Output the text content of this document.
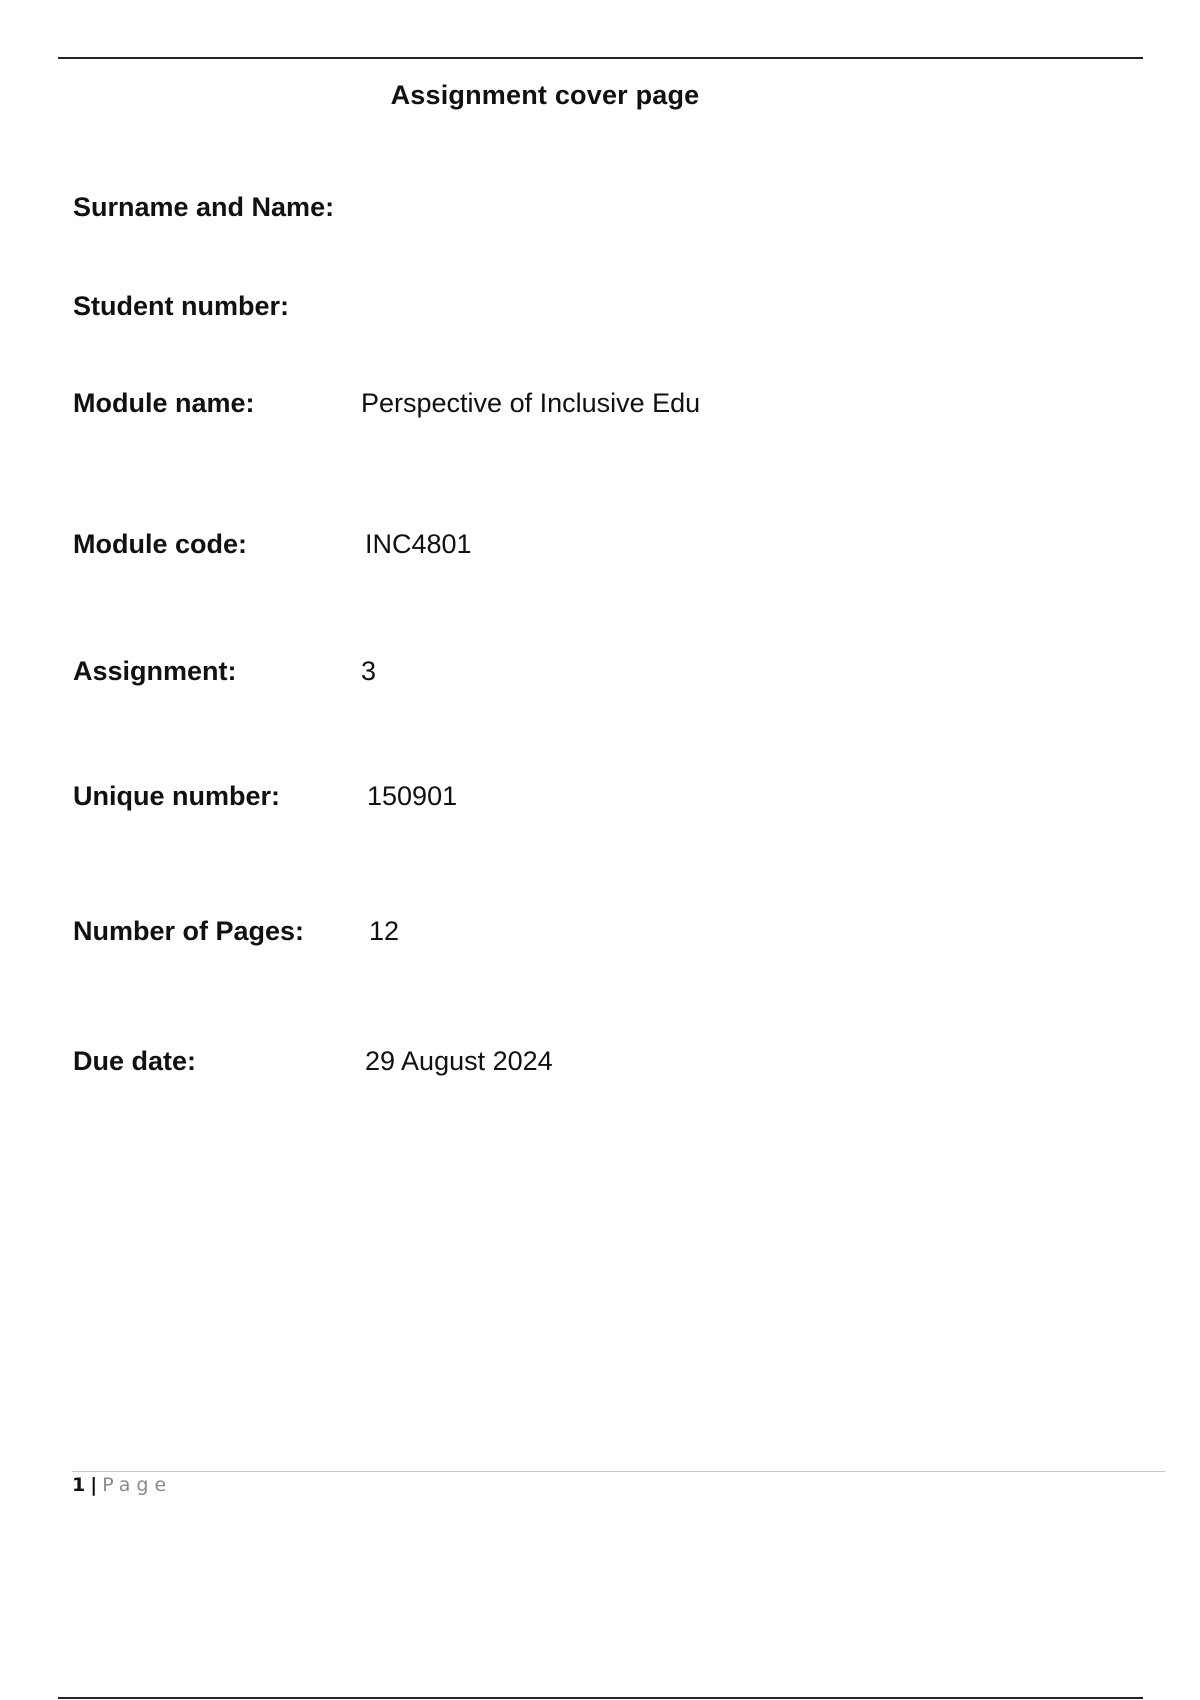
Assignment cover page
Surname and Name:
Student number:
Module name:	Perspective of Inclusive Edu
Module code:	INC4801
Assignment:	3
Unique number:	150901
Number of Pages:	12
Due date:	29 August 2024
1 | Page
